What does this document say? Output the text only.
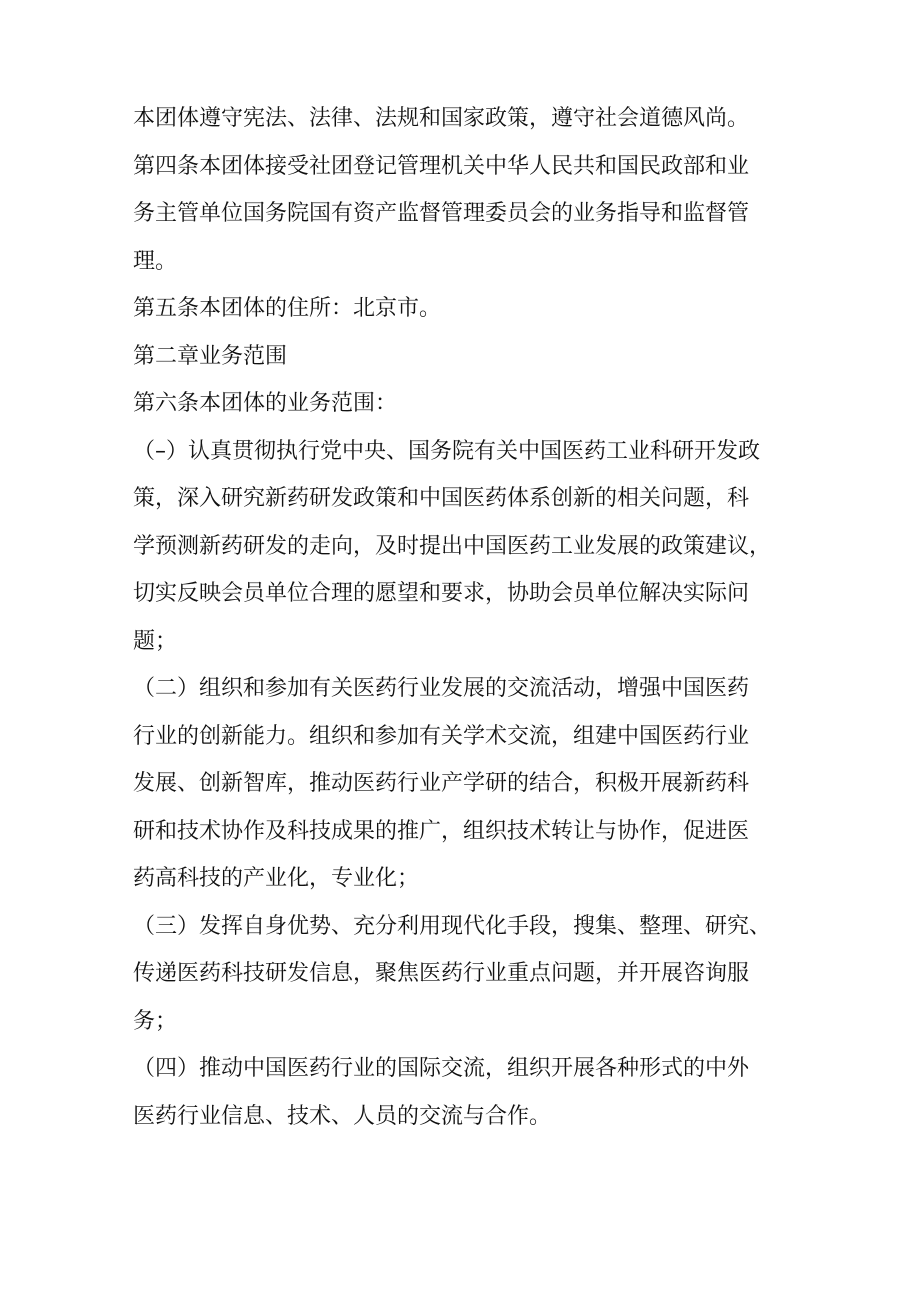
本团体遵守宪法、法律、法规和国家政策，遵守社会道德风尚。
第四条本团体接受社团登记管理机关中华人民共和国民政部和业
务主管单位国务院国有资产监督管理委员会的业务指导和监督管
理。
第五条本团体的住所：北京市。
第二章业务范围
第六条本团体的业务范围：
（–）认真贯彻执行党中央、国务院有关中国医药工业科研开发政
策，深入研究新药研发政策和中国医药体系创新的相关问题，科
学预测新药研发的走向，及时提出中国医药工业发展的政策建议，
切实反映会员单位合理的愿望和要求，协助会员单位解决实际问
题；
（二）组织和参加有关医药行业发展的交流活动，增强中国医药
行业的创新能力。组织和参加有关学术交流，组建中国医药行业
发展、创新智库，推动医药行业产学研的结合，积极开展新药科
研和技术协作及科技成果的推广，组织技术转让与协作，促进医
药高科技的产业化，专业化；
（三）发挥自身优势、充分利用现代化手段，搜集、整理、研究、
传递医药科技研发信息，聚焦医药行业重点问题，并开展咨询服
务；
（四）推动中国医药行业的国际交流，组织开展各种形式的中外
医药行业信息、技术、人员的交流与合作。
